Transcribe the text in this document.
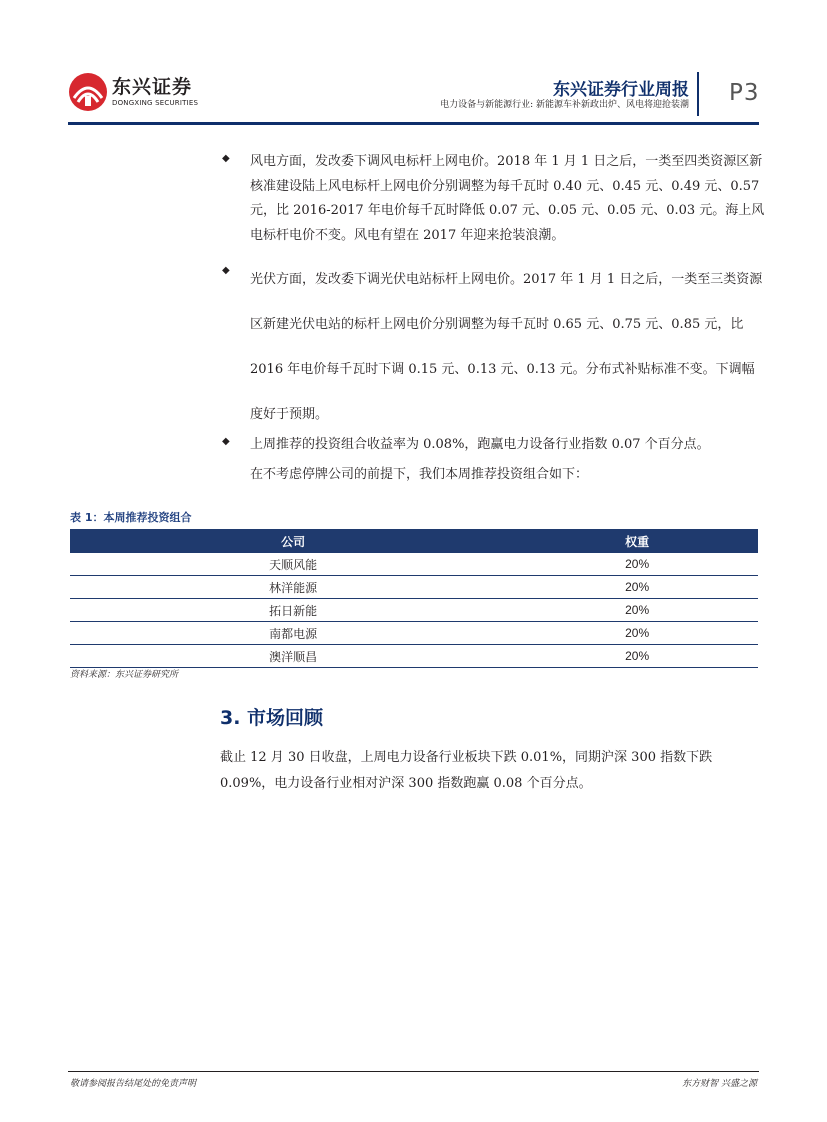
东兴证券
DONGXING SECURITIES
东兴证券行业周报
电力设备与新能源行业: 新能源车补新政出炉、风电将迎抢装潮 P3
◆ 风电方面，发改委下调风电标杆上网电价。2018 年 1 月 1 日之后，一类至四类资源区新核准建设陆上风电标杆上网电价分别调整为每千瓦时 0.40 元、0.45 元、0.49 元、0.57 元，比 2016-2017 年电价每千瓦时降低 0.07 元、0.05 元、0.05 元、0.03 元。海上风电标杆电价不变。风电有望在 2017 年迎来抢装浪潮。

◆

光伏方面，发改委下调光伏电站标杆上网电价。2017 年 1 月 1 日之后，一类至三类资源区新建光伏电站的标杆上网电价分别调整为每千瓦时 0.65 元、0.75 元、0.85 元，比 2016 年电价每千瓦时下调 0.15 元、0.13 元、0.13 元。分布式补贴标准不变。下调幅度好于预期。

◆ 上周推荐的投资组合收益率为 0.08%，跑赢电力设备行业指数 0.07 个百分点。

在不考虑停牌公司的前提下，我们本周推荐投资组合如下：

表 1：本周推荐投资组合
公司	权重
天顺风能	20%
林洋能源	20%
拓日新能	20%
南都电源	20%
澳洋顺昌	20%
资料来源：东兴证券研究所
3. 市场回顾
截止 12 月 30 日收盘，上周电力设备行业板块下跌 0.01%，同期沪深 300 指数下跌 0.09%，电力设备行业相对沪深 300 指数跑赢 0.08 个百分点。
敬请参阅报告结尾处的免责声明	东方财智 兴盛之源
